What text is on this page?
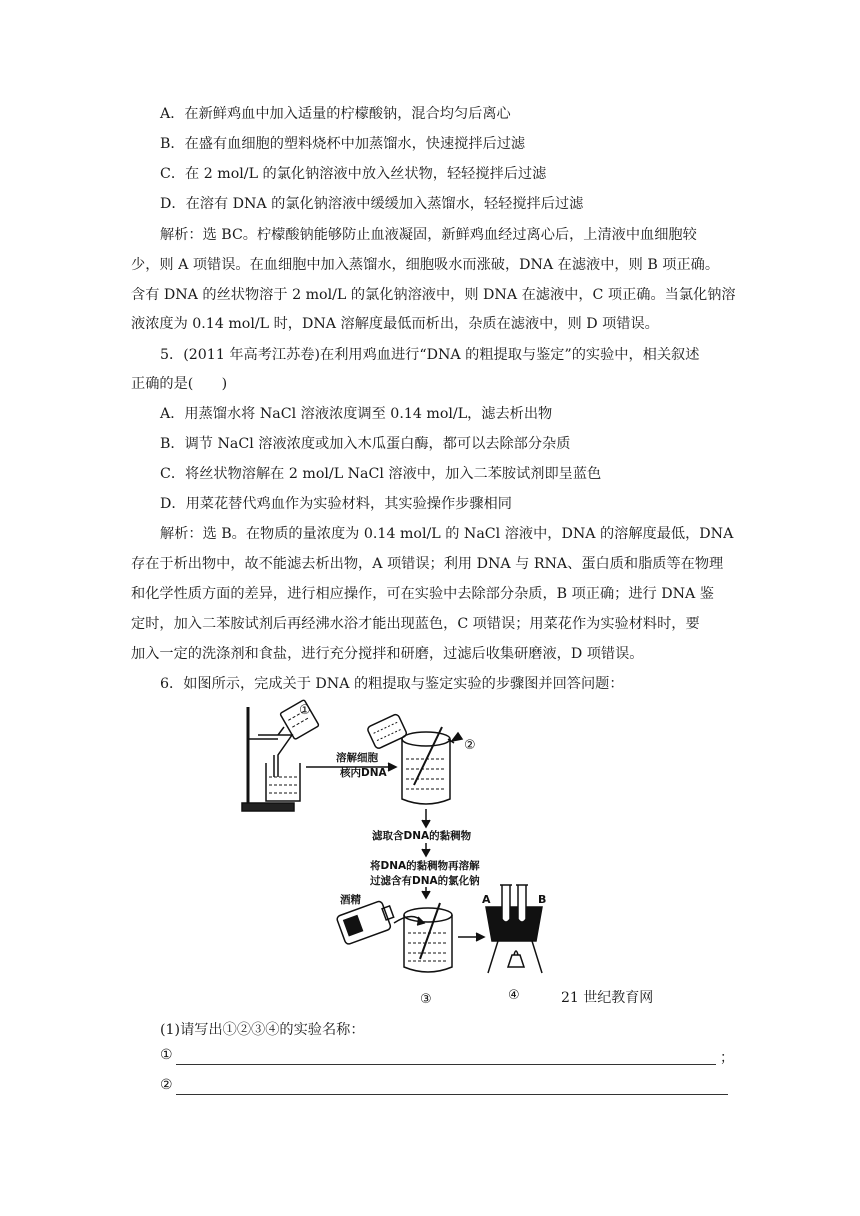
A．在新鲜鸡血中加入适量的柠檬酸钠，混合均匀后离心
B．在盛有血细胞的塑料烧杯中加蒸馏水，快速搅拌后过滤
C．在 2 mol/L 的氯化钠溶液中放入丝状物，轻轻搅拌后过滤
D．在溶有 DNA 的氯化钠溶液中缓缓加入蒸馏水，轻轻搅拌后过滤
解析：选 BC。柠檬酸钠能够防止血液凝固，新鲜鸡血经过离心后，上清液中血细胞较
少，则 A 项错误。在血细胞中加入蒸馏水，细胞吸水而涨破，DNA 在滤液中，则 B 项正确。
含有 DNA 的丝状物溶于 2 mol/L 的氯化钠溶液中，则 DNA 在滤液中，C 项正确。当氯化钠溶
液浓度为 0.14 mol/L 时，DNA 溶解度最低而析出，杂质在滤液中，则 D 项错误。
5．(2011 年高考江苏卷)在利用鸡血进行“DNA 的粗提取与鉴定”的实验中，相关叙述
正确的是(　　)
A．用蒸馏水将 NaCl 溶液浓度调至 0.14 mol/L，滤去析出物
B．调节 NaCl 溶液浓度或加入木瓜蛋白酶，都可以去除部分杂质
C．将丝状物溶解在 2 mol/L NaCl 溶液中，加入二苯胺试剂即呈蓝色
D．用菜花替代鸡血作为实验材料，其实验操作步骤相同
解析：选 B。在物质的量浓度为 0.14 mol/L 的 NaCl 溶液中，DNA 的溶解度最低，DNA
存在于析出物中，故不能滤去析出物，A 项错误；利用 DNA 与 RNA、蛋白质和脂质等在物理
和化学性质方面的差异，进行相应操作，可在实验中去除部分杂质，B 项正确；进行 DNA 鉴
定时，加入二苯胺试剂后再经沸水浴才能出现蓝色，C 项错误；用菜花作为实验材料时，要
加入一定的洗涤剂和食盐，进行充分搅拌和研磨，过滤后收集研磨液，D 项错误。
6．如图所示，完成关于 DNA 的粗提取与鉴定实验的步骤图并回答问题：
①
②
③	④
溶解细胞
核内DNA
滤取含DNA的黏稠物
将DNA的黏稠物再溶解
过滤含有DNA的氯化钠
酒精	A	B
21 世纪教育网
(1)请写出①②③④的实验名称：
①	；
②
